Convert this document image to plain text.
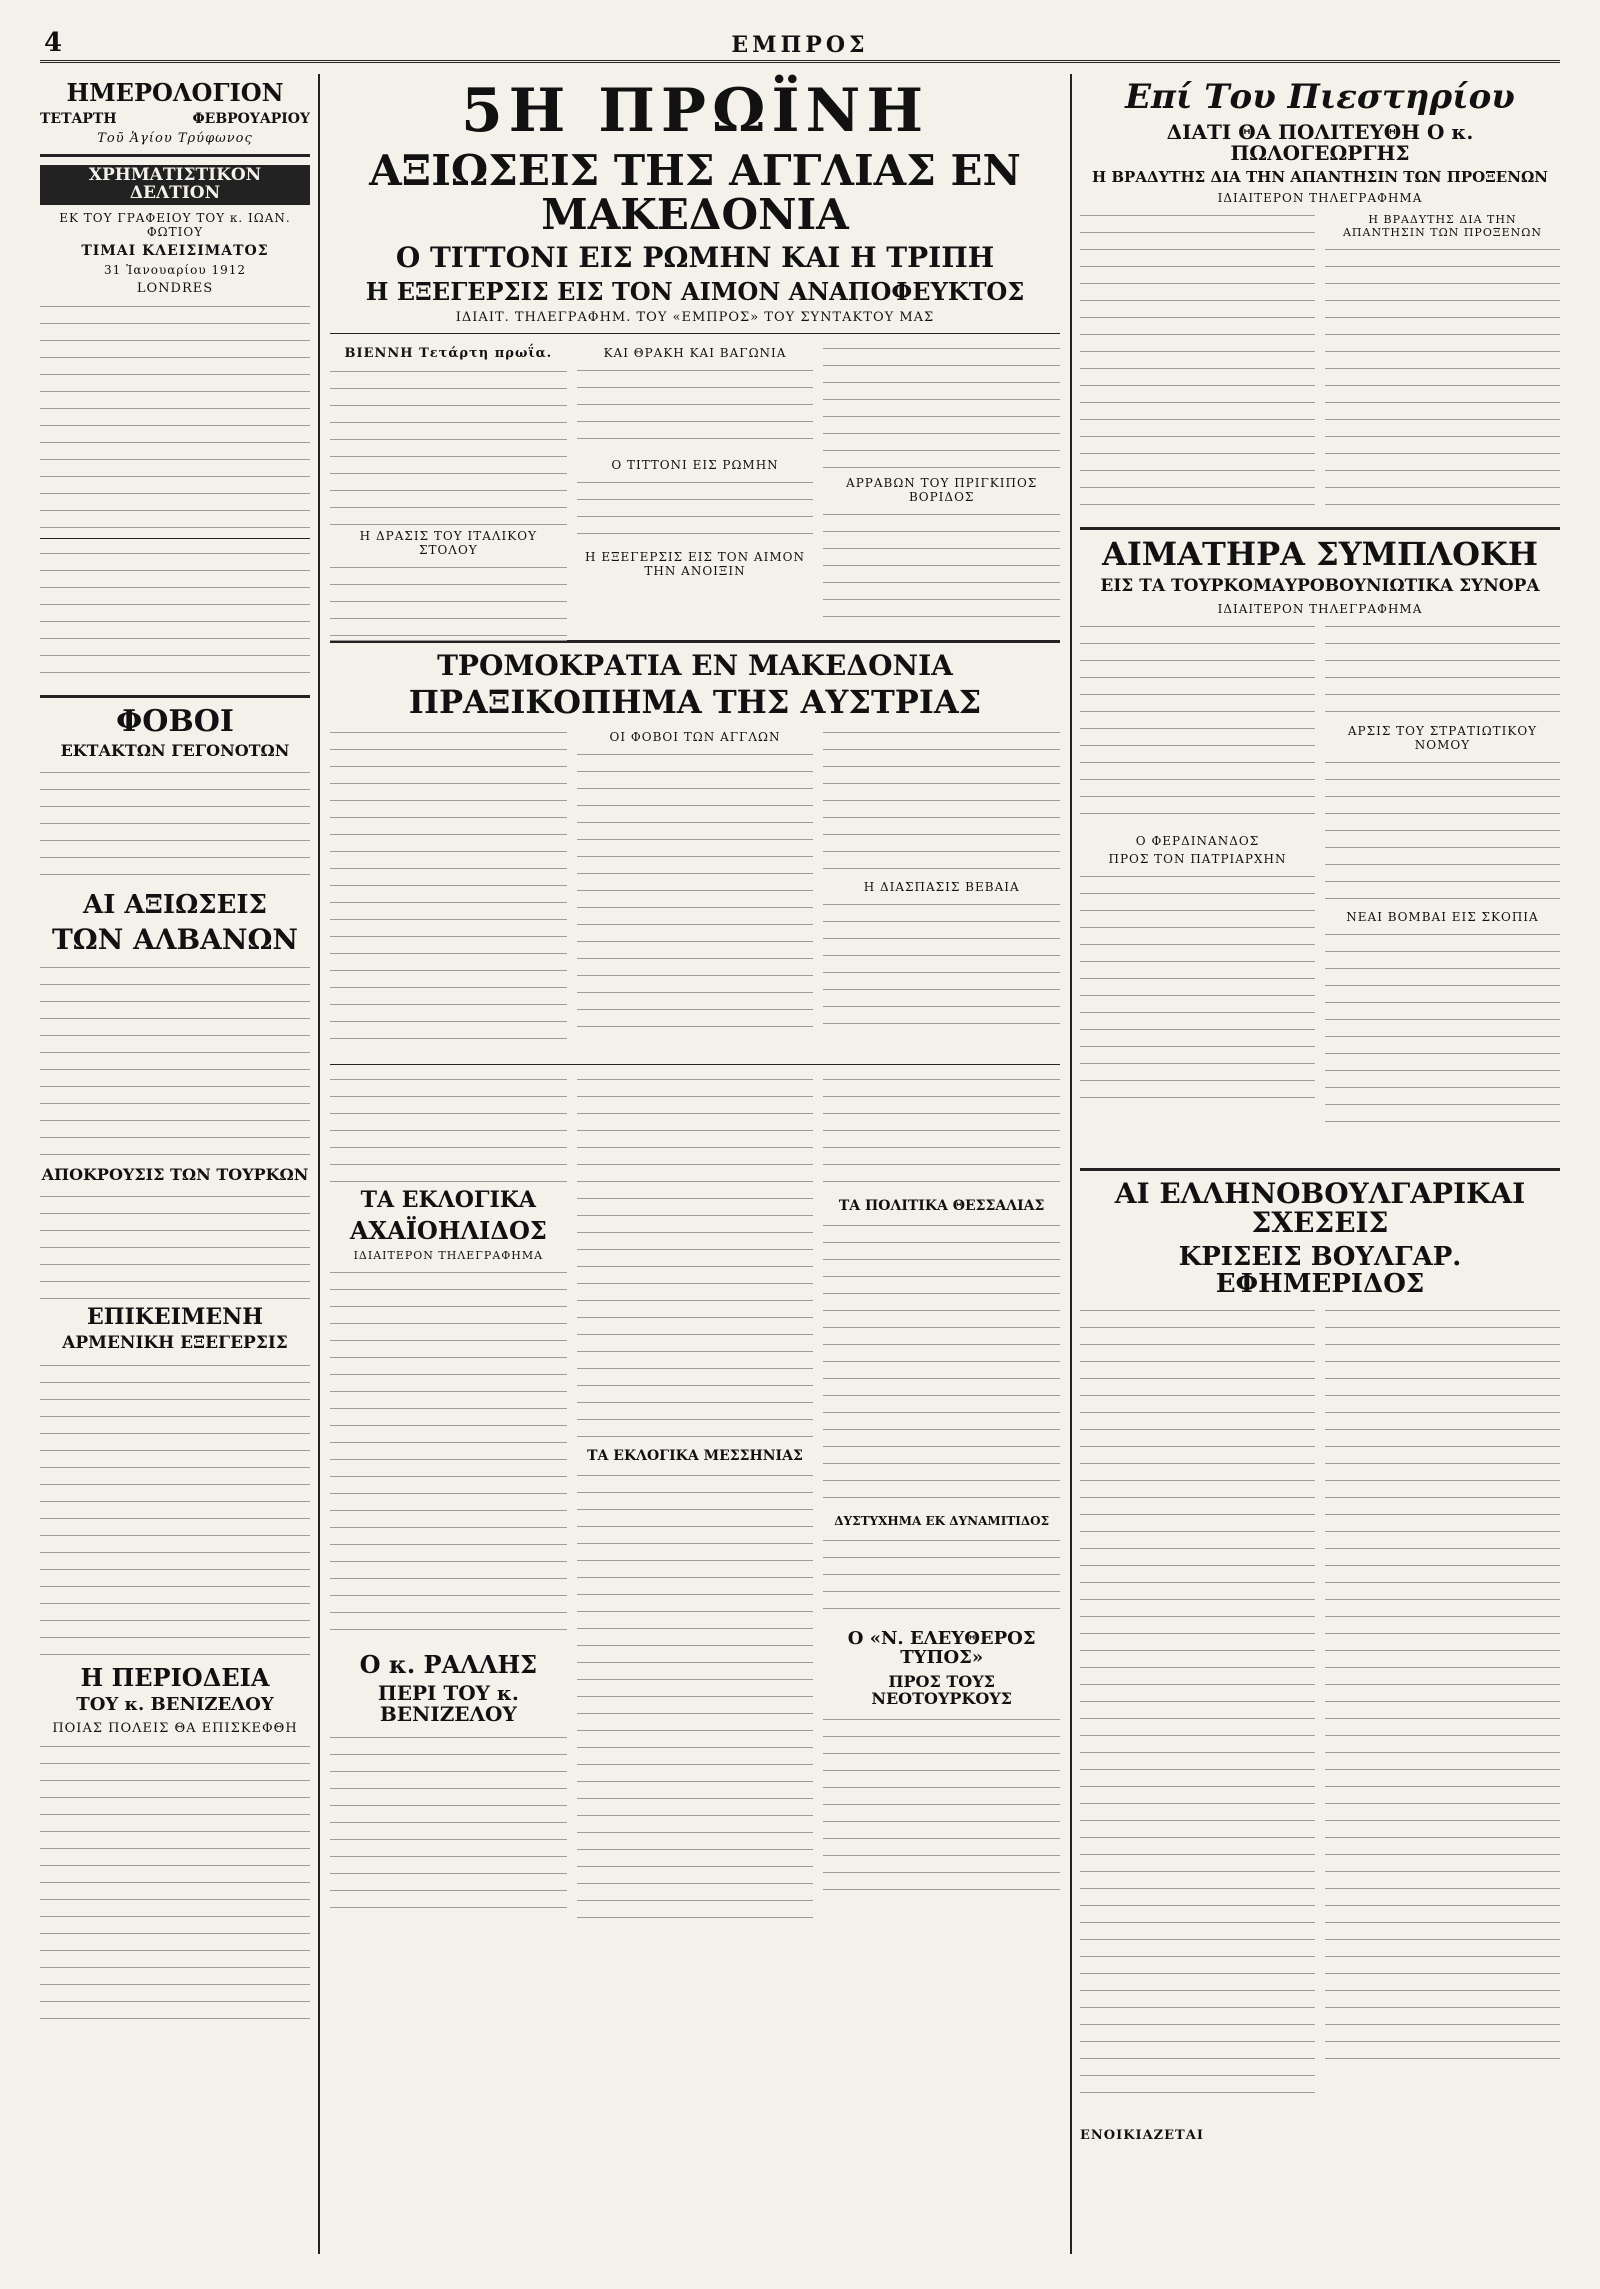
4	ΕΜΠΡΟΣ
ΗΜΕΡΟΛΟΓΙΟΝ
ΤΕΤΑΡΤΗ	ΦΕΒΡΟΥΑΡΙΟΥ
Τοῦ Ἁγίου Τρύφωνος
ΧΡΗΜΑΤΙΣΤΙΚΟΝ ΔΕΛΤΙΟΝ
ΕΚ ΤΟΥ ΓΡΑΦΕΙΟΥ ΤΟΥ κ. ΙΩΑΝ. ΦΩΤΙΟΥ
ΤΙΜΑΙ ΚΛΕΙΣΙΜΑΤΟΣ
31 Ἰανουαρίου 1912
LONDRES
ΦΟΒΟΙ
ΕΚΤΑΚΤΩΝ ΓΕΓΟΝΟΤΩΝ
ΑΙ ΑΞΙΩΣΕΙΣ
ΤΩΝ ΑΛΒΑΝΩΝ
ΑΠΟΚΡΟΥΣΙΣ ΤΩΝ ΤΟΥΡΚΩΝ
ΕΠΙΚΕΙΜΕΝΗ
ΑΡΜΕΝΙΚΗ ΕΞΕΓΕΡΣΙΣ
Η ΠΕΡΙΟΔΕΙΑ
ΤΟΥ κ. ΒΕΝΙΖΕΛΟΥ
ΠΟΙΑΣ ΠΟΛΕΙΣ ΘΑ ΕΠΙΣΚΕΦΘΗ
5Η ΠΡΩΪΝΗ
ΑΞΙΩΣΕΙΣ ΤΗΣ ΑΓΓΛΙΑΣ ΕΝ ΜΑΚΕΔΟΝΙΑ
Ο ΤΙΤΤΟΝΙ ΕΙΣ ΡΩΜΗΝ ΚΑΙ Η ΤΡΙΠΗ
Η ΕΞΕΓΕΡΣΙΣ ΕΙΣ ΤΟΝ ΑΙΜΟΝ ΑΝΑΠΟΦΕΥΚΤΟΣ
ΙΔΙΑΙΤ. ΤΗΛΕΓΡΑΦΗΜ. ΤΟΥ «ΕΜΠΡΟΣ» ΤΟΥ ΣΥΝΤΑΚΤΟΥ ΜΑΣ
ΒΙΕΝΝΗ Τετάρτη πρωΐα.
Η ΔΡΑΣΙΣ ΤΟΥ ΙΤΑΛΙΚΟΥ ΣΤΟΛΟΥ
ΚΑΙ ΘΡΑΚΗ ΚΑΙ ΒΑΓΩΝΙΑ
Ο ΤΙΤΤΟΝΙ ΕΙΣ ΡΩΜΗΝ
Η ΕΞΕΓΕΡΣΙΣ ΕΙΣ ΤΟΝ ΑΙΜΟΝ ΤΗΝ ΑΝΟΙΞΙΝ
ΑΡΡΑΒΩΝ ΤΟΥ ΠΡΙΓΚΙΠΟΣ ΒΟΡΙΔΟΣ
ΤΡΟΜΟΚΡΑΤΙΑ ΕΝ ΜΑΚΕΔΟΝΙΑ
ΠΡΑΞΙΚΟΠΗΜΑ ΤΗΣ ΑΥΣΤΡΙΑΣ
ΟΙ ΦΟΒΟΙ ΤΩΝ ΑΓΓΛΩΝ
Η ΔΙΑΣΠΑΣΙΣ ΒΕΒΑΙΑ
ΤΑ ΕΚΛΟΓΙΚΑ
ΑΧΑΪΟΗΛΙΔΟΣ
ΙΔΙΑΙΤΕΡΟΝ ΤΗΛΕΓΡΑΦΗΜΑ
Ο κ. ΡΑΛΛΗΣ
ΠΕΡΙ ΤΟΥ κ. ΒΕΝΙΖΕΛΟΥ
ΤΑ ΕΚΛΟΓΙΚΑ ΜΕΣΣΗΝΙΑΣ
ΤΑ ΠΟΛΙΤΙΚΑ ΘΕΣΣΑΛΙΑΣ
ΔΥΣΤΥΧΗΜΑ ΕΚ ΔΥΝΑΜΙΤΙΔΟΣ
Ο «Ν. ΕΛΕΥΘΕΡΟΣ ΤΥΠΟΣ»
ΠΡΟΣ ΤΟΥΣ ΝΕΟΤΟΥΡΚΟΥΣ
Επί Του Πιεστηρίου
ΔΙΑΤΙ ΘΑ ΠΟΛΙΤΕΥΘΗ Ο κ. ΠΩΛΟΓΕΩΡΓΗΣ
Η ΒΡΑΔΥΤΗΣ ΔΙΑ ΤΗΝ ΑΠΑΝΤΗΣΙΝ ΤΩΝ ΠΡΟΞΕΝΩΝ
ΙΔΙΑΙΤΕΡΟΝ ΤΗΛΕΓΡΑΦΗΜΑ
Η ΒΡΑΔΥΤΗΣ ΔΙΑ ΤΗΝ ΑΠΑΝΤΗΣΙΝ ΤΩΝ ΠΡΟΞΕΝΩΝ
ΑΙΜΑΤΗΡΑ ΣΥΜΠΛΟΚΗ
ΕΙΣ ΤΑ ΤΟΥΡΚΟΜΑΥΡΟΒΟΥΝΙΩΤΙΚΑ ΣΥΝΟΡΑ
ΙΔΙΑΙΤΕΡΟΝ ΤΗΛΕΓΡΑΦΗΜΑ
Ο ΦΕΡΔΙΝΑΝΔΟΣ
ΠΡΟΣ ΤΟΝ ΠΑΤΡΙΑΡΧΗΝ
ΑΡΣΙΣ ΤΟΥ ΣΤΡΑΤΙΩΤΙΚΟΥ ΝΟΜΟΥ
ΝΕΑΙ ΒΟΜΒΑΙ ΕΙΣ ΣΚΟΠΙΑ
ΑΙ ΕΛΛΗΝΟΒΟΥΛΓΑΡΙΚΑΙ ΣΧΕΣΕΙΣ
ΚΡΙΣΕΙΣ ΒΟΥΛΓΑΡ. ΕΦΗΜΕΡΙΔΟΣ
ΕΝΟΙΚΙΑΖΕΤΑΙ
